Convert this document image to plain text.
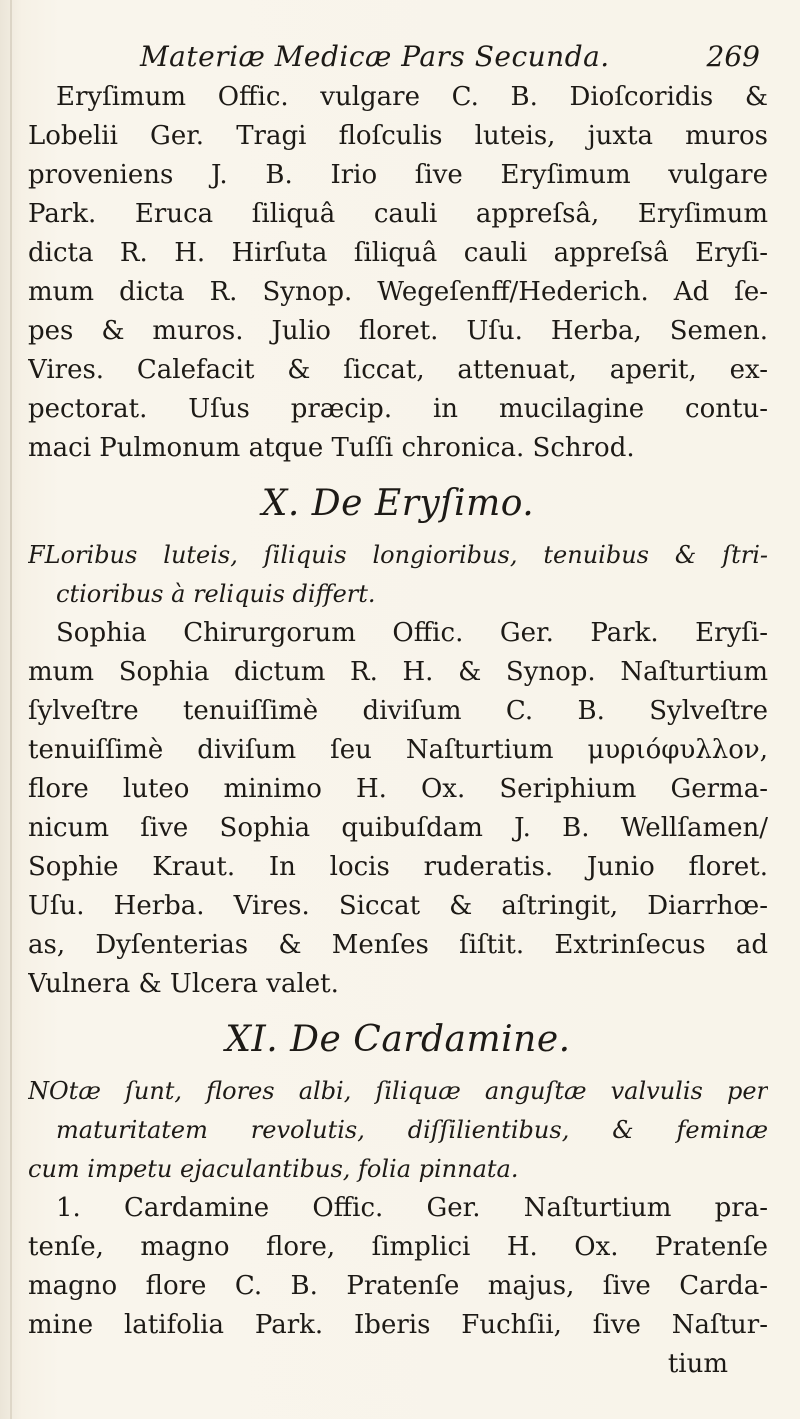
Materiæ Medicæ Pars Secunda.	269
Eryſimum Offic. vulgare C. B. Dioſcoridis &
Lobelii Ger. Tragi floſculis luteis, juxta muros
proveniens J. B. Irio ſive Eryſimum vulgare
Park. Eruca ſiliquâ cauli appreſsâ, Eryſimum
dicta R. H. Hirſuta ſiliquâ cauli appreſsâ Eryſi-
mum dicta R. Synop. Wegeſenff/Hederich. Ad ſe-
pes & muros. Julio floret. Uſu. Herba, Semen.
Vires. Calefacit & ſiccat, attenuat, aperit, ex-
pectorat. Uſus præcip. in mucilagine contu-
maci Pulmonum atque Tuſſi chronica. Schrod.
X. De Eryſimo.
FLoribus luteis, ſiliquis longioribus, tenuibus & ſtri-
ctioribus à reliquis differt.
Sophia Chirurgorum Offic. Ger. Park. Eryſi-
mum Sophia dictum R. H. & Synop. Naſturtium
ſylveſtre tenuiſſimè diviſum C. B. Sylveſtre
tenuiſſimè diviſum ſeu Naſturtium μυριόφυλλον,
flore luteo minimo H. Ox. Seriphium Germa-
nicum ſive Sophia quibuſdam J. B. Wellſamen/
Sophie Kraut. In locis ruderatis. Junio floret.
Uſu. Herba. Vires. Siccat & aſtringit, Diarrhœ-
as, Dyſenterias & Menſes ſiſtit. Extrinſecus ad
Vulnera & Ulcera valet.
XI. De Cardamine.
NOtæ ſunt, flores albi, ſiliquæ anguſtæ valvulis per
maturitatem revolutis, diſſilientibus, & feminæ
cum impetu ejaculantibus, folia pinnata.
1. Cardamine Offic. Ger. Naſturtium pra-
tenſe, magno flore, ſimplici H. Ox. Pratenſe
magno flore C. B. Pratenſe majus, ſive Carda-
mine latifolia Park. Iberis Fuchſii, ſive Naſtur-
tium
